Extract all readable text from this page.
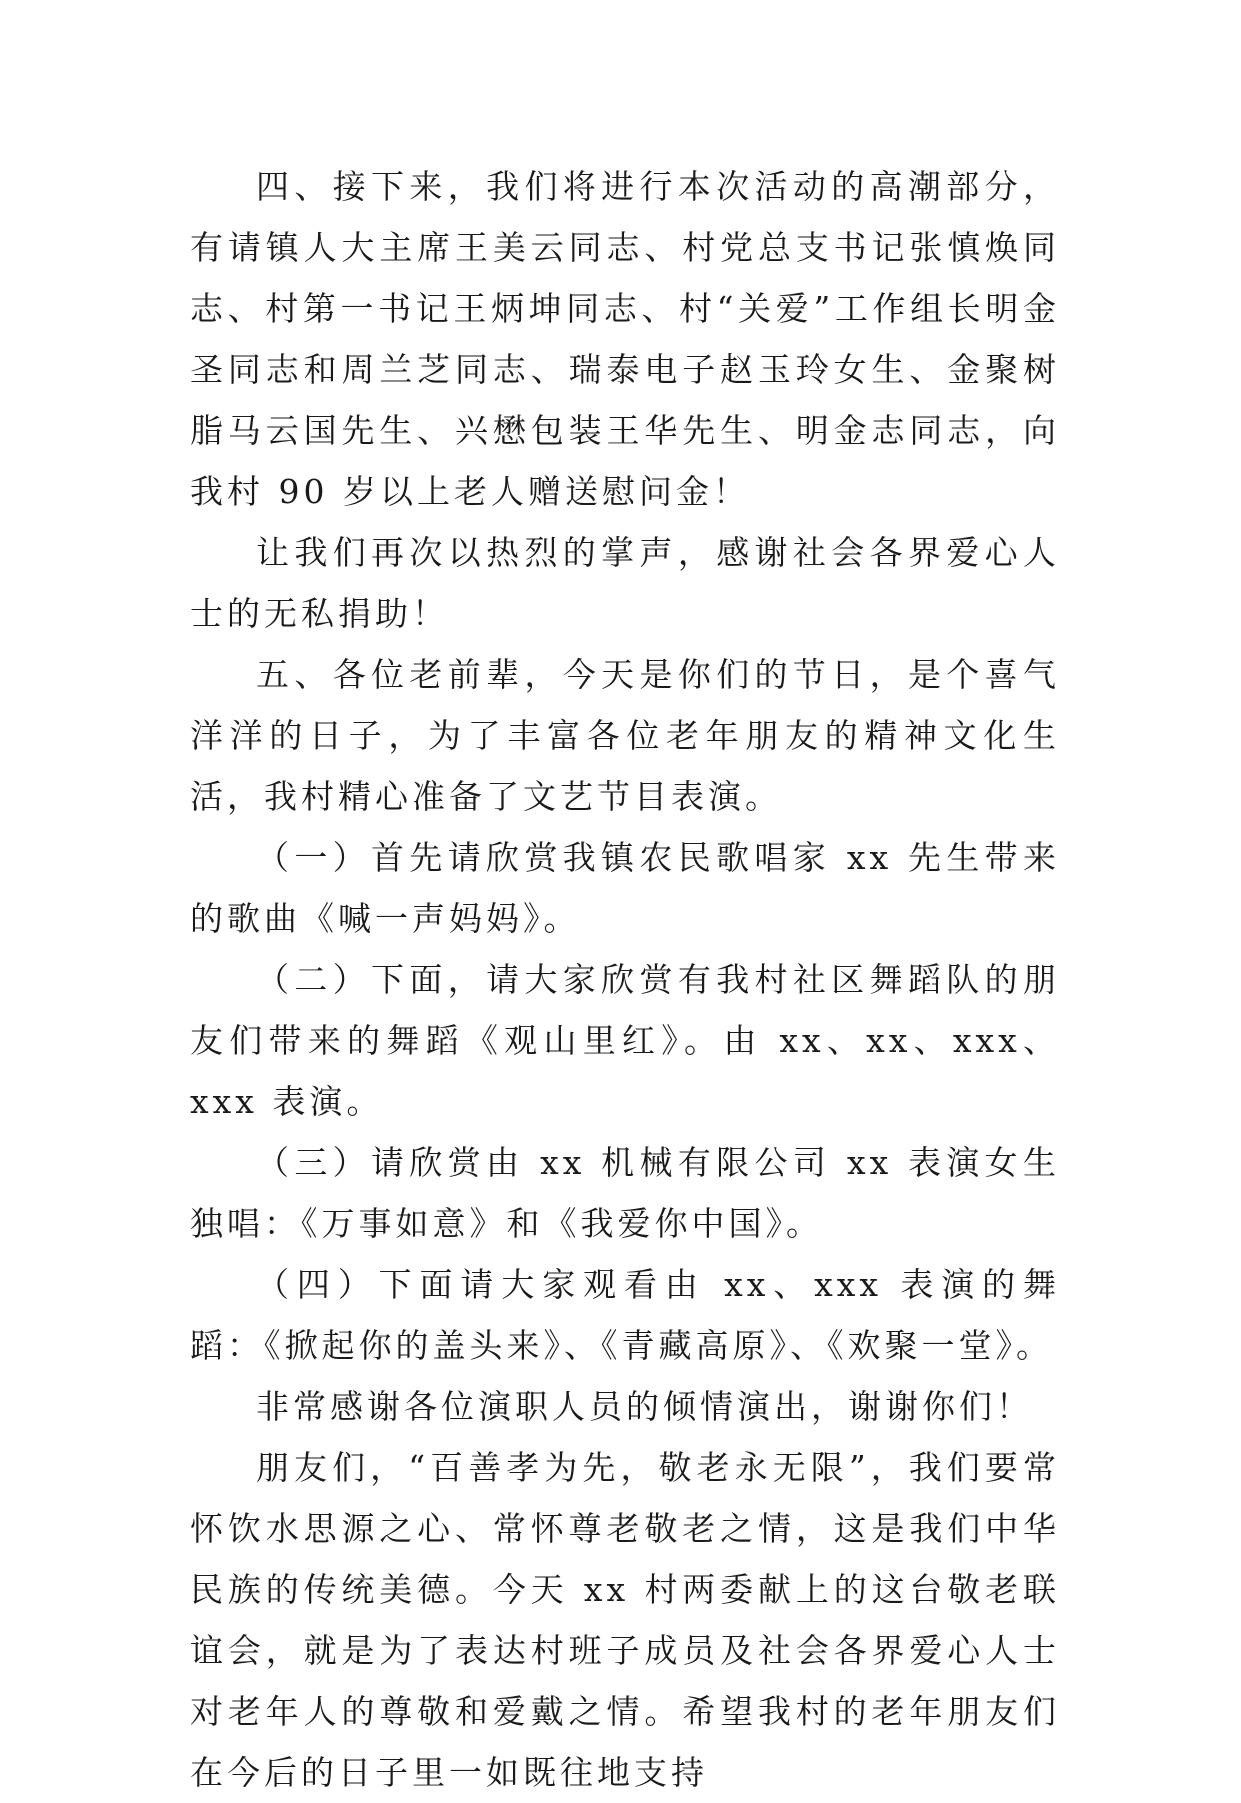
四、接下来，我们将进行本次活动的高潮部分，有请镇人大主席王美云同志、村党总支书记张慎焕同志、村第一书记王炳坤同志、村“关爱”工作组长明金圣同志和周兰芝同志、瑞泰电子赵玉玲女生、金聚树脂马云国先生、兴懋包装王华先生、明金志同志，向我村 90 岁以上老人赠送慰问金！

让我们再次以热烈的掌声，感谢社会各界爱心人士的无私捐助！

五、各位老前辈，今天是你们的节日，是个喜气洋洋的日子，为了丰富各位老年朋友的精神文化生活，我村精心准备了文艺节目表演。

（一）首先请欣赏我镇农民歌唱家 xx 先生带来的歌曲《喊一声妈妈》。

（二）下面，请大家欣赏有我村社区舞蹈队的朋友们带来的舞蹈《观山里红》。由 xx、xx、xxx、xxx 表演。

（三）请欣赏由 xx 机械有限公司 xx 表演女生独唱：《万事如意》和《我爱你中国》。

（四）下面请大家观看由 xx、xxx 表演的舞蹈：《掀起你的盖头来》、《青藏高原》、《欢聚一堂》。

非常感谢各位演职人员的倾情演出，谢谢你们！

朋友们，“百善孝为先，敬老永无限”，我们要常怀饮水思源之心、常怀尊老敬老之情，这是我们中华民族的传统美德。今天 xx 村两委献上的这台敬老联谊会，就是为了表达村班子成员及社会各界爱心人士对老年人的尊敬和爱戴之情。希望我村的老年朋友们在今后的日子里一如既往地支持
